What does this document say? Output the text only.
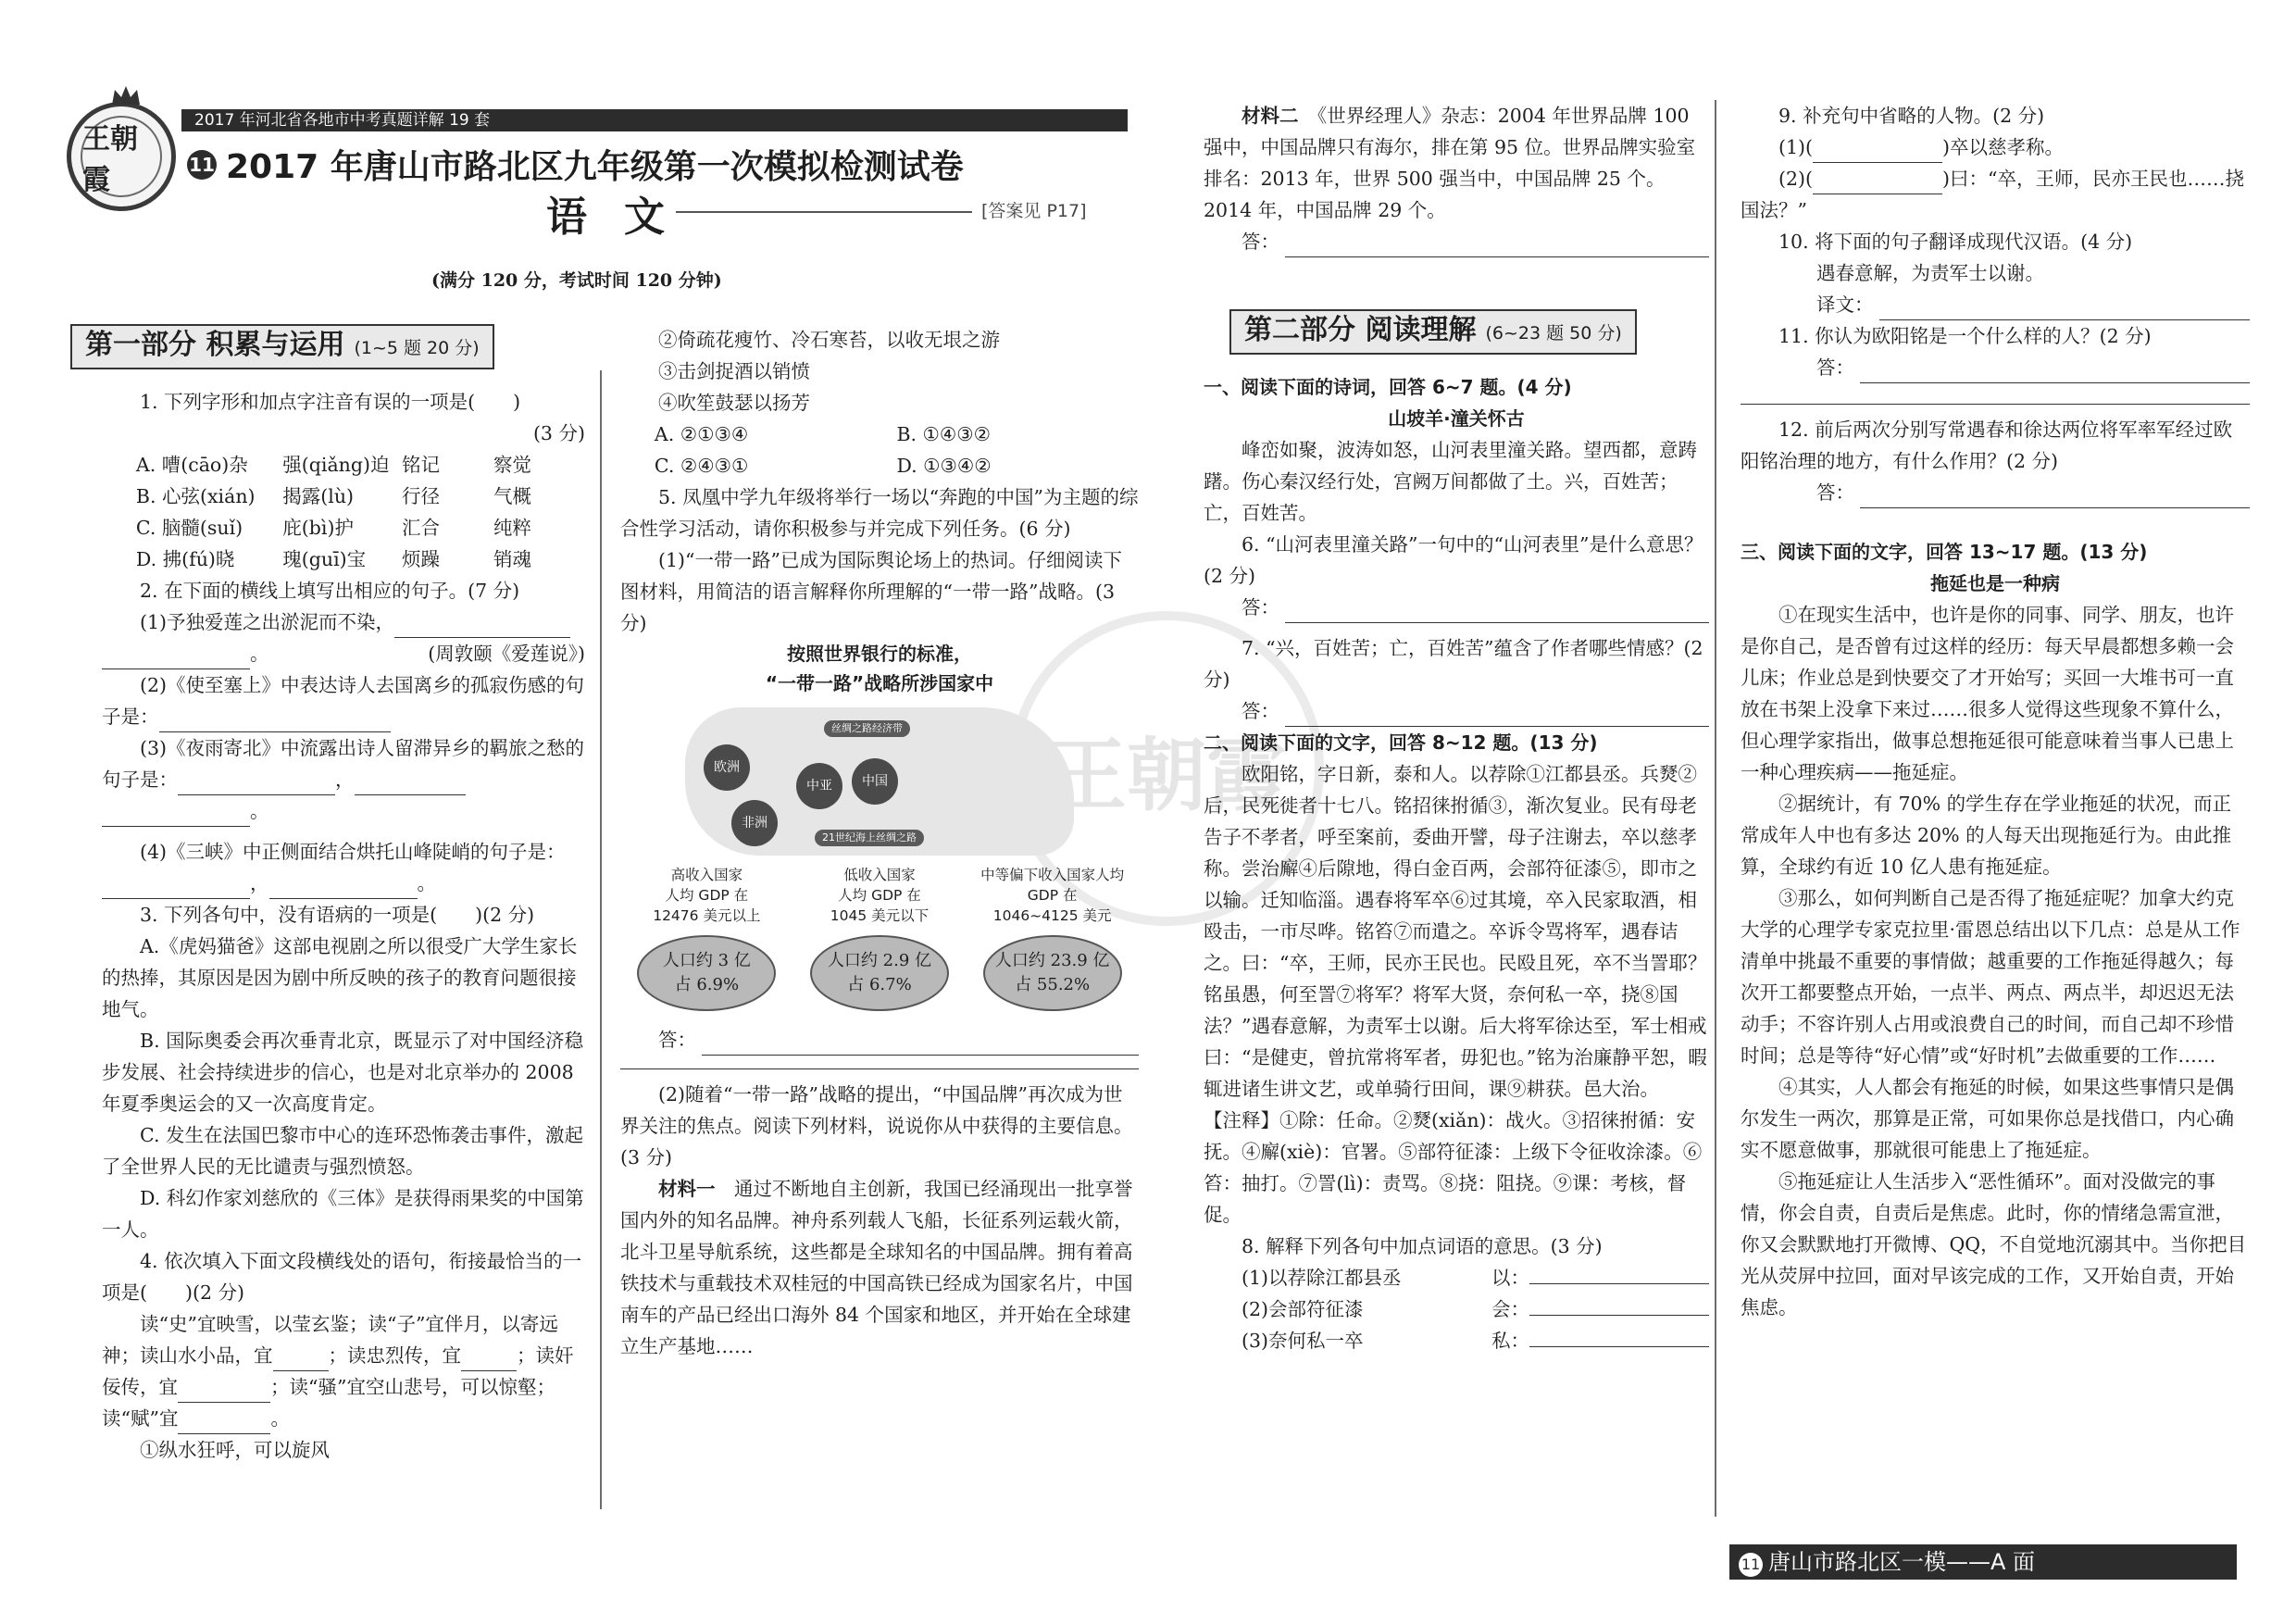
王朝霞
2017 年河北省各地市中考真题详解 19 套
11 2017 年唐山市路北区九年级第一次模拟检测试卷
语文	[答案见 P17]
(满分 120 分，考试时间 120 分钟)
王朝霞
第一部分 积累与运用 (1~5 题 20 分)

1. 下列字形和加点字注音有误的一项是(　　)

(3 分)

A. 嘈(cāo)杂	强(qiǎng)迫 铭记	察觉
B. 心弦(xián)	揭露(lù)	行径	气概
C. 脑髓(suǐ)	庇(bì)护	汇合	纯粹
D. 拂(fú)晓	瑰(guī)宝	烦躁	销魂

2. 在下面的横线上填写出相应的句子。(7 分)

(1)予独爱莲之出淤泥而不染，

。	(周敦颐《爱莲说》)

(2)《使至塞上》中表达诗人去国离乡的孤寂伤感的句子是：

(3)《夜雨寄北》中流露出诗人留滞异乡的羁旅之愁的句子是：	，

。

(4)《三峡》中正侧面结合烘托山峰陡峭的句子是：，	。

3. 下列各句中，没有语病的一项是(　　)(2 分)

A.《虎妈猫爸》这部电视剧之所以很受广大学生家长的热捧，其原因是因为剧中所反映的孩子的教育问题很接地气。

B. 国际奥委会再次垂青北京，既显示了对中国经济稳步发展、社会持续进步的信心，也是对北京举办的 2008 年夏季奥运会的又一次高度肯定。

C. 发生在法国巴黎市中心的连环恐怖袭击事件，激起了全世界人民的无比谴责与强烈愤怒。

D. 科幻作家刘慈欣的《三体》是获得雨果奖的中国第一人。

4. 依次填入下面文段横线处的语句，衔接最恰当的一项是(　　)(2 分)

读“史”宜映雪，以莹玄鉴；读“子”宜伴月，以寄远神；读山水小品，宜	；读忠烈传，宜	；读奸佞传，宜	；读“骚”宜空山悲号，可以惊壑；读“赋”宜	。

①纵水狂呼，可以旋风

②倚疏花瘦竹、冷石寒苔，以收无垠之游

③击剑捉酒以销愤

④吹笙鼓瑟以扬芳

A. ②①③④	B. ①④③②
C. ②④③①	D. ①③④②

5. 凤凰中学九年级将举行一场以“奔跑的中国”为主题的综合性学习活动，请你积极参与并完成下列任务。(6 分)

(1)“一带一路”已成为国际舆论场上的热词。仔细阅读下图材料，用简洁的语言解释你所理解的“一带一路”战略。(3 分)

按照世界银行的标准，
“一带一路”战略所涉国家中
丝绸之路经济带
欧洲
中亚	中国
非洲
21世纪海上丝绸之路
高收入国家
人均 GDP 在
12476 美元以上
低收入国家
人均 GDP 在
1045 美元以下
中等偏下收入国家人均 GDP 在
1046~4125 美元
人口约 3 亿
占 6.9%
人口约 2.9 亿
占 6.7%
人口约 23.9 亿
占 55.2%
答：

(2)随着“一带一路”战略的提出，“中国品牌”再次成为世界关注的焦点。阅读下列材料，说说你从中获得的主要信息。(3 分)

材料一　 通过不断地自主创新，我国已经涌现出一批享誉国内外的知名品牌。神舟系列载人飞船，长征系列运载火箭，北斗卫星导航系统，这些都是全球知名的中国品牌。拥有着高铁技术与重载技术双桂冠的中国高铁已经成为国家名片，中国南车的产品已经出口海外 84 个国家和地区，并开始在全球建立生产基地……

材料二　 《世界经理人》杂志：2004 年世界品牌 100 强中，中国品牌只有海尔，排在第 95 位。世界品牌实验室排名：2013 年，世界 500 强当中，中国品牌 25 个。2014 年，中国品牌 29 个。

答：
第二部分 阅读理解 (6~23 题 50 分)

一、阅读下面的诗词，回答 6~7 题。(4 分)

山坡羊·潼关怀古

峰峦如聚，波涛如怒，山河表里潼关路。望西都，意踌躇。伤心秦汉经行处，宫阙万间都做了土。兴，百姓苦；亡，百姓苦。

6. “山河表里潼关路”一句中的“山河表里”是什么意思？(2 分)

答：

7. “兴，百姓苦；亡，百姓苦”蕴含了作者哪些情感？(2 分)

答：

二、阅读下面的文字，回答 8~12 题。(13 分)

欧阳铭，字日新，泰和人。以荐除①江都县丞。兵燹②后，民死徙者十七八。铭招徕拊循③，渐次复业。民有母老告子不孝者，呼至案前，委曲开譬，母子注谢去，卒以慈孝称。尝治廨④后隙地，得白金百两，会部符征漆⑤，即市之以输。迁知临淄。遇春将军卒⑥过其境，卒入民家取酒，相殴击，一市尽哗。铭笞⑦而遣之。卒诉令骂将军，遇春诘之。曰：“卒，王师，民亦王民也。民殴且死，卒不当詈耶？铭虽愚，何至詈⑦将军？将军大贤，奈何私一卒，挠⑧国法？”遇春意解，为责军士以谢。后大将军徐达至，军士相戒曰：“是健吏，曾抗常将军者，毋犯也。”铭为治廉静平恕，暇辄进诸生讲文艺，或单骑行田间，课⑨耕获。邑大治。

【注释】①除：任命。②燹(xiǎn)：战火。③招徕拊循：安抚。④廨(xiè)：官署。⑤部符征漆：上级下令征收涂漆。⑥笞：抽打。⑦詈(lì)：责骂。⑧挠：阻挠。⑨课：考核，督促。

8. 解释下列各句中加点词语的意思。(3 分)

(1)以荐除江都县丞	以：
(2)会部符征漆	会：
(3)奈何私一卒	私：

9. 补充句中省略的人物。(2 分)

(1)(	)卒以慈孝称。

(2)(	)曰：“卒，王师，民亦王民也……挠国法？”

10. 将下面的句子翻译成现代汉语。(4 分)

遇春意解，为责军士以谢。

译文：

11. 你认为欧阳铭是一个什么样的人？(2 分)

答：

12. 前后两次分别写常遇春和徐达两位将军率军经过欧阳铭治理的地方，有什么作用？(2 分)

答：

三、阅读下面的文字，回答 13~17 题。(13 分)

拖延也是一种病

①在现实生活中，也许是你的同事、同学、朋友，也许是你自己，是否曾有过这样的经历：每天早晨都想多赖一会儿床；作业总是到快要交了才开始写；买回一大堆书可一直放在书架上没拿下来过……很多人觉得这些现象不算什么，但心理学家指出，做事总想拖延很可能意味着当事人已患上一种心理疾病——拖延症。

②据统计，有 70% 的学生存在学业拖延的状况，而正常成年人中也有多达 20% 的人每天出现拖延行为。由此推算，全球约有近 10 亿人患有拖延症。

③那么，如何判断自己是否得了拖延症呢？加拿大约克大学的心理学专家克拉里·雷恩总结出以下几点：总是从工作清单中挑最不重要的事情做；越重要的工作拖延得越久；每次开工都要整点开始，一点半、两点、两点半，却迟迟无法动手；不容许别人占用或浪费自己的时间，而自己却不珍惜时间；总是等待“好心情”或“好时机”去做重要的工作……

④其实，人人都会有拖延的时候，如果这些事情只是偶尔发生一两次，那算是正常，可如果你总是找借口，内心确实不愿意做事，那就很可能患上了拖延症。

⑤拖延症让人生活步入“恶性循环”。面对没做完的事情，你会自责，自责后是焦虑。此时，你的情绪急需宣泄，你又会默默地打开微博、QQ，不自觉地沉溺其中。当你把目光从荧屏中拉回，面对早该完成的工作，又开始自责，开始焦虑。

11 唐山市路北区一模——A 面
